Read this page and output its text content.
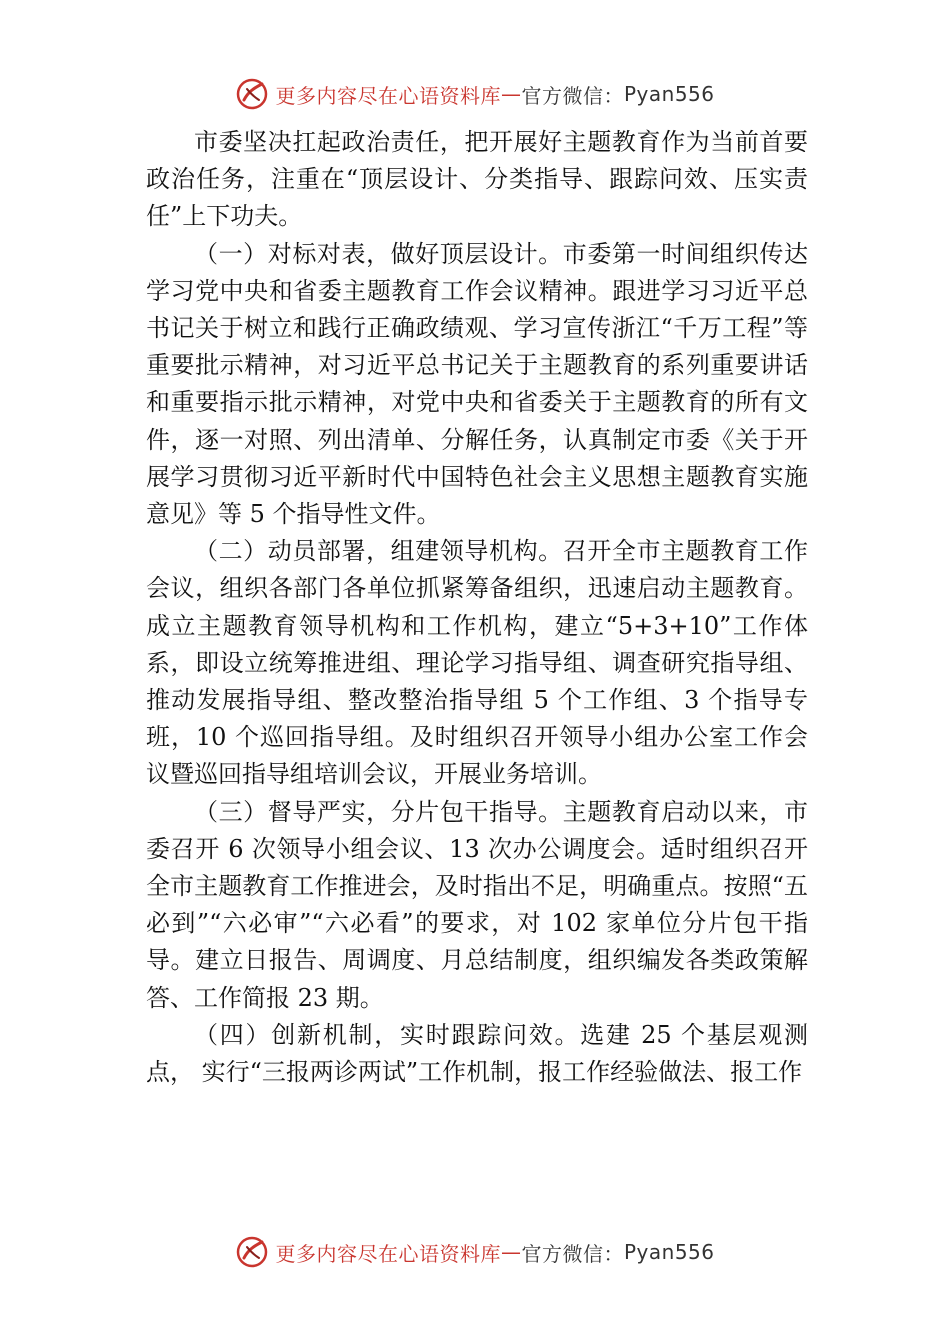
更多内容尽在心语资料库 — 官方微信： Pyan556

市委坚决扛起政治责任，把开展好主题教育作为当前首要政治任务，注重在“顶层设计、分类指导、跟踪问效、压实责任”上下功夫。

（一）对标对表，做好顶层设计。市委第一时间组织传达学习党中央和省委主题教育工作会议精神。跟进学习习近平总书记关于树立和践行正确政绩观、学习宣传浙江“千万工程”等重要批示精神，对习近平总书记关于主题教育的系列重要讲话和重要指示批示精神，对党中央和省委关于主题教育的所有文件，逐一对照、列出清单、分解任务，认真制定市委《关于开展学习贯彻习近平新时代中国特色社会主义思想主题教育实施意见》等 5 个指导性文件。

（二）动员部署，组建领导机构。召开全市主题教育工作会议，组织各部门各单位抓紧筹备组织，迅速启动主题教育。成立主题教育领导机构和工作机构，建立“5+3+10”工作体系，即设立统筹推进组、理论学习指导组、调查研究指导组、推动发展指导组、整改整治指导组 5 个工作组、3 个指导专班，10 个巡回指导组。及时组织召开领导小组办公室工作会议暨巡回指导组培训会议，开展业务培训。

（三）督导严实，分片包干指导。主题教育启动以来，市委召开 6 次领导小组会议、13 次办公调度会。适时组织召开全市主题教育工作推进会，及时指出不足，明确重点。按照“五必到”“六必审”“六必看”的要求，对 102 家单位分片包干指导。建立日报告、周调度、月总结制度，组织编发各类政策解答、工作简报 23 期。

（四）创新机制，实时跟踪问效。选建 25 个基层观测点， 实行“三报两诊两试”工作机制，报工作经验做法、报工作

更多内容尽在心语资料库 — 官方微信： Pyan556
